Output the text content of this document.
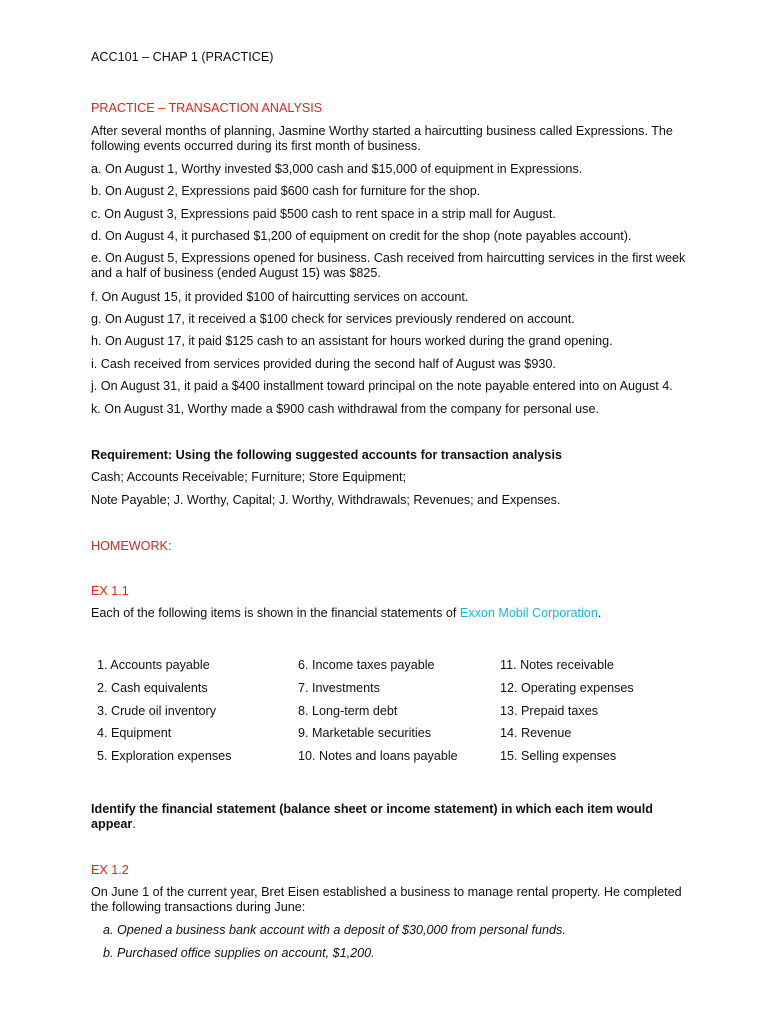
ACC101 – CHAP 1 (PRACTICE)

PRACTICE – TRANSACTION ANALYSIS

After several months of planning, Jasmine Worthy started a haircutting business called Expressions. The following events occurred during its first month of business.

a. On August 1, Worthy invested $3,000 cash and $15,000 of equipment in Expressions.

b. On August 2, Expressions paid $600 cash for furniture for the shop.

c. On August 3, Expressions paid $500 cash to rent space in a strip mall for August.

d. On August 4, it purchased $1,200 of equipment on credit for the shop (note payables account).

e. On August 5, Expressions opened for business. Cash received from haircutting services in the first week and a half of business (ended August 15) was $825.

f. On August 15, it provided $100 of haircutting services on account.

g. On August 17, it received a $100 check for services previously rendered on account.

h. On August 17, it paid $125 cash to an assistant for hours worked during the grand opening.

i. Cash received from services provided during the second half of August was $930.

j. On August 31, it paid a $400 installment toward principal on the note payable entered into on August 4.

k. On August 31, Worthy made a $900 cash withdrawal from the company for personal use.

Requirement: Using the following suggested accounts for transaction analysis

Cash; Accounts Receivable; Furniture; Store Equipment;

Note Payable; J. Worthy, Capital; J. Worthy, Withdrawals; Revenues; and Expenses.

HOMEWORK:

EX 1.1

Each of the following items is shown in the financial statements of Exxon Mobil Corporation.

1. Accounts payable
2. Cash equivalents
3. Crude oil inventory
4. Equipment
5. Exploration expenses
6. Income taxes payable
7. Investments
8. Long-term debt
9. Marketable securities
10. Notes and loans payable
11. Notes receivable
12. Operating expenses
13. Prepaid taxes
14. Revenue
15. Selling expenses

Identify the financial statement (balance sheet or income statement) in which each item would appear.

EX 1.2

On June 1 of the current year, Bret Eisen established a business to manage rental property. He completed the following transactions during June:

a. Opened a business bank account with a deposit of $30,000 from personal funds.

b. Purchased office supplies on account, $1,200.
